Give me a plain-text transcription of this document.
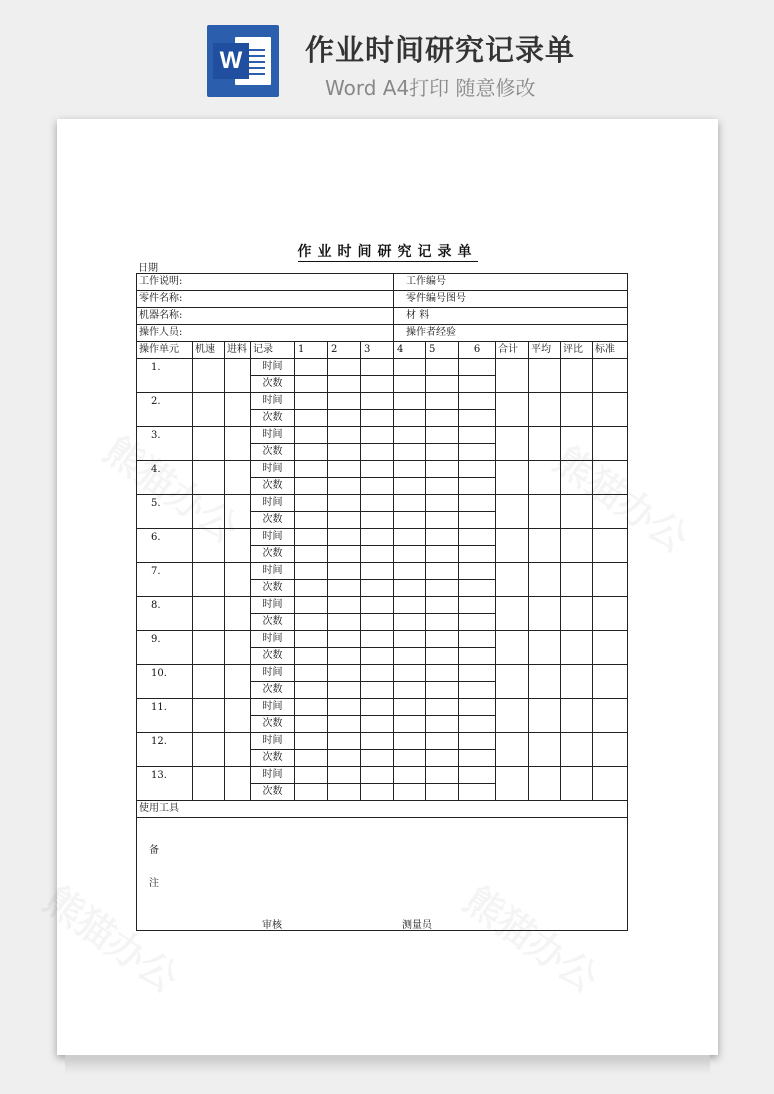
W 作业时间研究记录单
Word A4打印 随意修改
作业时间研究记录单
日期
工作说明:							工作编号						
零件名称:							零件编号图号						
机器名称:							材 料						
操作人员:							操作者经验						
操作单元	机速	进料	记录	1	2	3	4	5	6	合计	平均	评比	标准
1.			时间										
			次数										
2.			时间										
			次数										
3.			时间										
			次数										
4.			时间										
			次数										
5.			时间										
			次数										
6.			时间										
			次数										
7.			时间										
			次数										
8.			时间										
			次数										
9.			时间										
			次数										
10.			时间										
			次数										
11.			时间										
			次数										
12.			时间										
			次数										
13.			时间										
			次数										
使用工具													

备
注													
审核	测量员
